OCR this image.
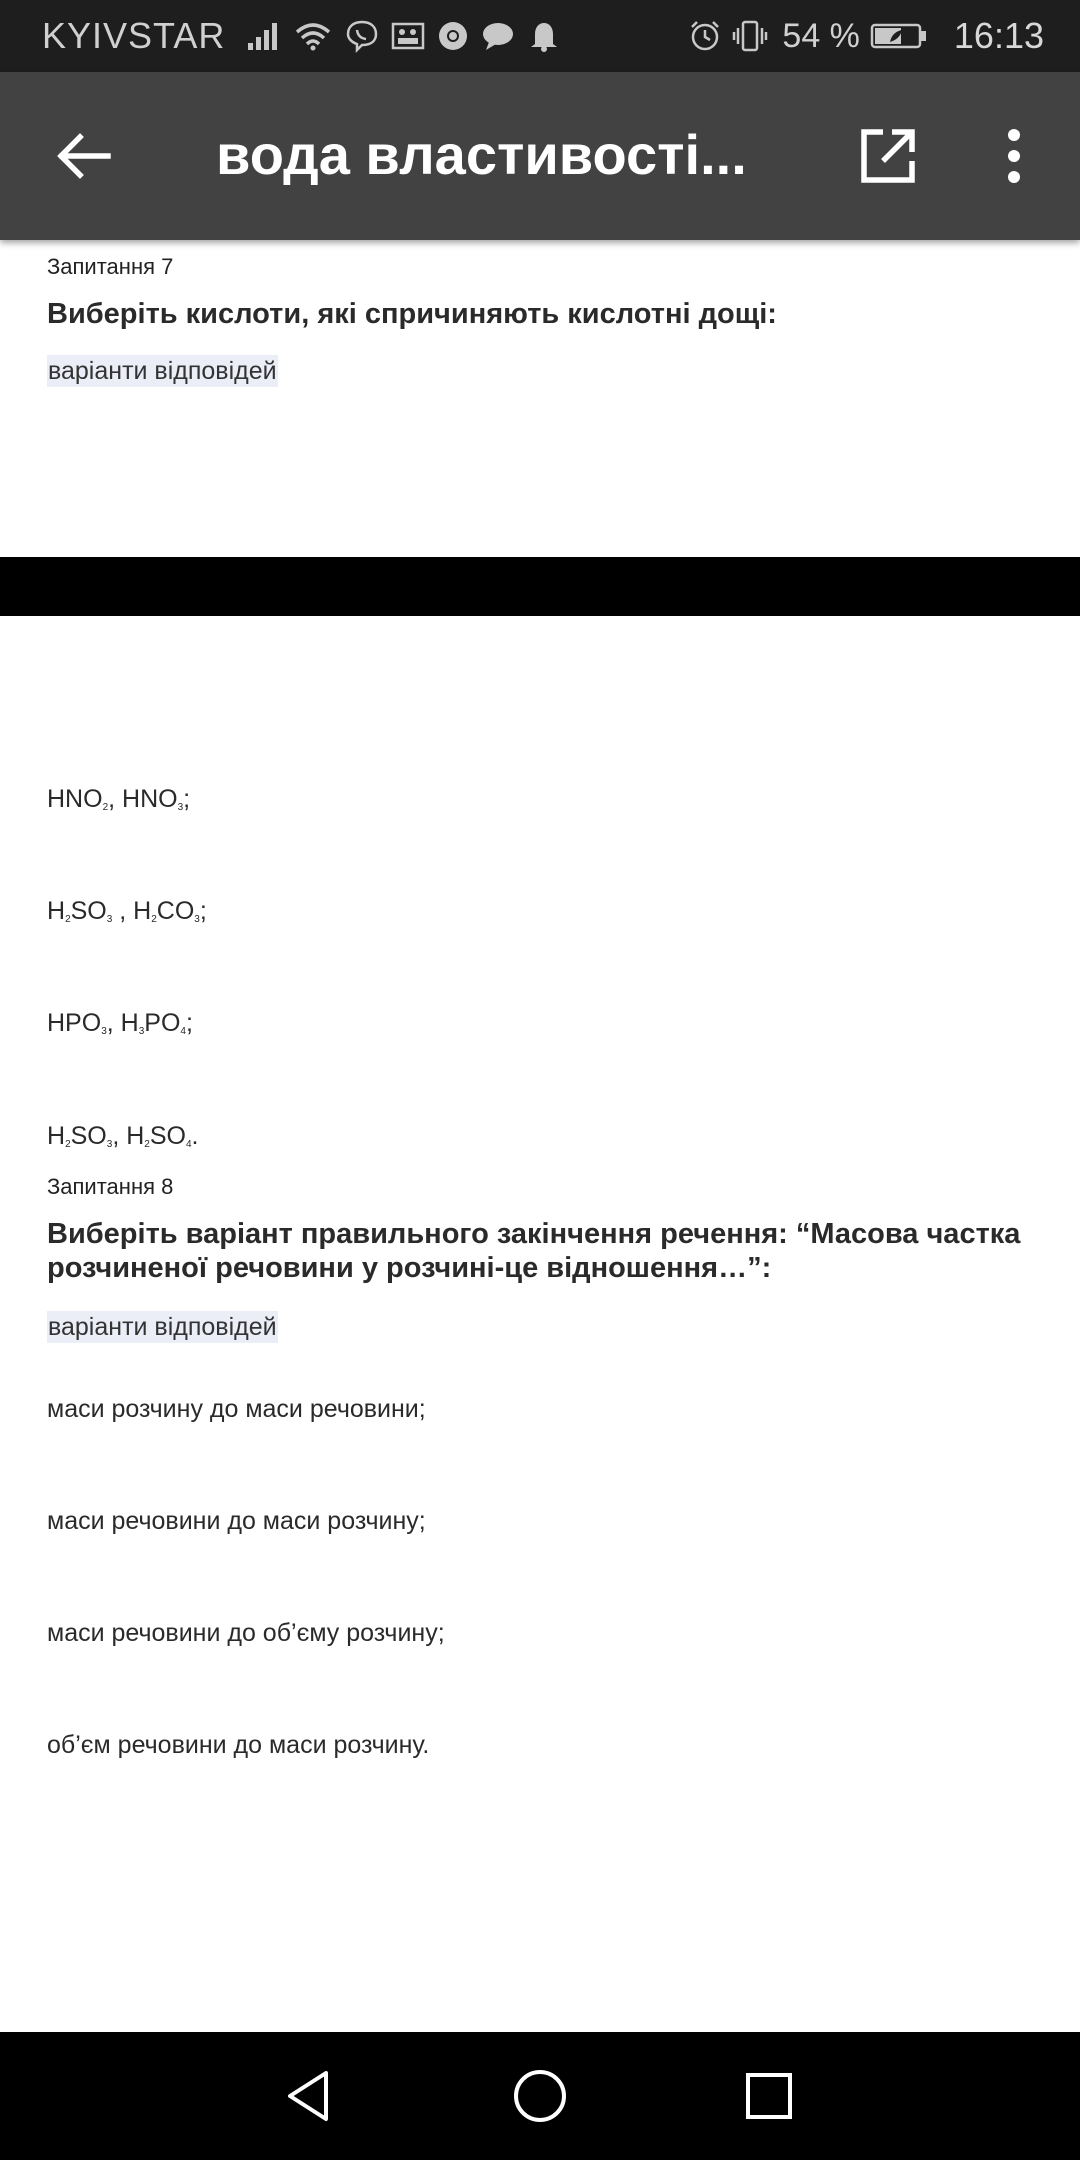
KYIVSTAR	54 %	16:13
вода властивості...
Запитання 7
Виберіть кислоти, які спричиняють кислотні дощі:
варіанти відповідей
$HNO_2$, $HNO_3$;
$H_2SO_3$ , $H_2CO_3$;
$HPO_3$, $H_3PO_4$;
$H_2SO_3$, $H_2SO_4$.
Запитання 8
Виберіть варіант правильного закінчення речення: “Масова частка розчиненої речовини у розчині-це відношення…”:
варіанти відповідей
маси розчину до маси речовини;
маси речовини до маси розчину;
маси речовини до об’єму розчину;
об’єм речовини до маси розчину.
